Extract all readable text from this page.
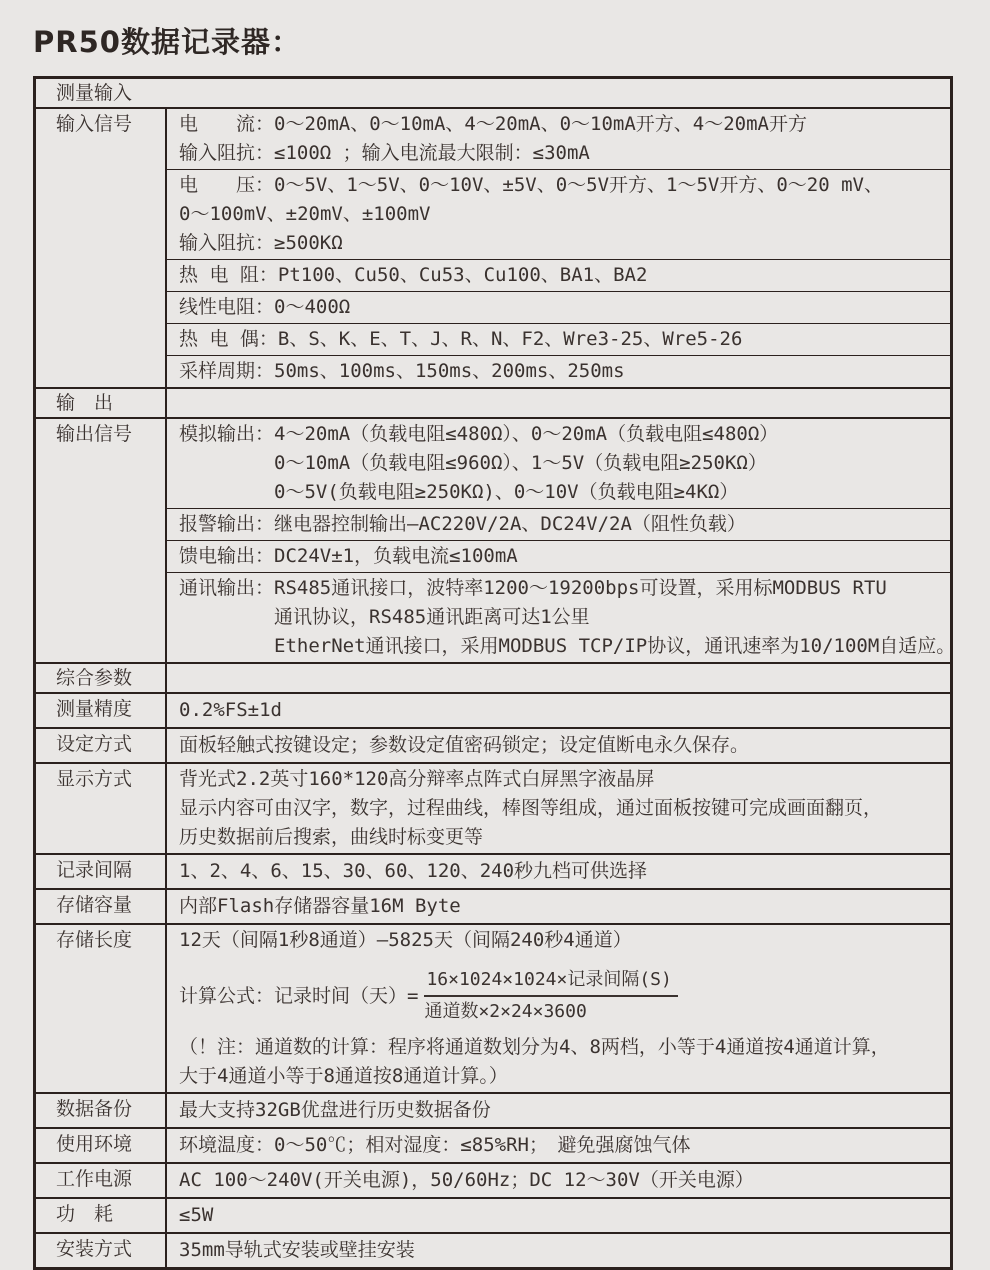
PR50数据记录器：
测量输入
输入信号	电　　流：0～20mA、0～10mA、4～20mA、0～10mA开方、4～20mA开方
输入阻抗：≤100Ω ；输入电流最大限制：≤30mA
电　　压：0～5V、1～5V、0～10V、±5V、0～5V开方、1～5V开方、0～20 mV、
0～100mV、±20mV、±100mV
输入阻抗：≥500KΩ
热 电 阻：Pt100、Cu50、Cu53、Cu100、BA1、BA2
线性电阻：0～400Ω
热 电 偶：B、S、K、E、T、J、R、N、F2、Wre3-25、Wre5-26
采样周期：50ms、100ms、150ms、200ms、250ms
输　出
输出信号	模拟输出：4～20mA（负载电阻≤480Ω）、0～20mA（负载电阻≤480Ω）
0～10mA（负载电阻≤960Ω）、1～5V（负载电阻≥250KΩ）
0～5V(负载电阻≥250KΩ)、0～10V（负载电阻≥4KΩ）
报警输出：继电器控制输出—AC220V/2A、DC24V/2A（阻性负载）
馈电输出：DC24V±1，负载电流≤100mA
通讯输出：RS485通讯接口，波特率1200～19200bps可设置，采用标MODBUS RTU
通讯协议，RS485通讯距离可达1公里
EtherNet通讯接口，采用MODBUS TCP/IP协议，通讯速率为10/100M自适应。
综合参数
测量精度	0.2%FS±1d
设定方式	面板轻触式按键设定；参数设定值密码锁定；设定值断电永久保存。
显示方式	背光式2.2英寸160*120高分辩率点阵式白屏黑字液晶屏
显示内容可由汉字，数字，过程曲线，棒图等组成，通过面板按键可完成画面翻页，
历史数据前后搜索，曲线时标变更等
记录间隔	1、2、4、6、15、30、60、120、240秒九档可供选择
存储容量	内部Flash存储器容量16M Byte
存储长度	12天（间隔1秒8通道）—5825天（间隔240秒4通道）
计算公式：记录时间（天）= $\frac{\text{16×1024×1024×记录间隔(S)}}{\text{通道数×2×24×3600}}$
（！注：通道数的计算：程序将通道数划分为4、8两档，小等于4通道按4通道计算，
大于4通道小等于8通道按8通道计算。）
数据备份	最大支持32GB优盘进行历史数据备份
使用环境	环境温度：0～50℃；相对湿度：≤85%RH；　避免强腐蚀气体
工作电源	AC 100～240V(开关电源)，50/60Hz；DC 12～30V（开关电源）
功　耗	≤5W
安装方式	35mm导轨式安装或壁挂安装
